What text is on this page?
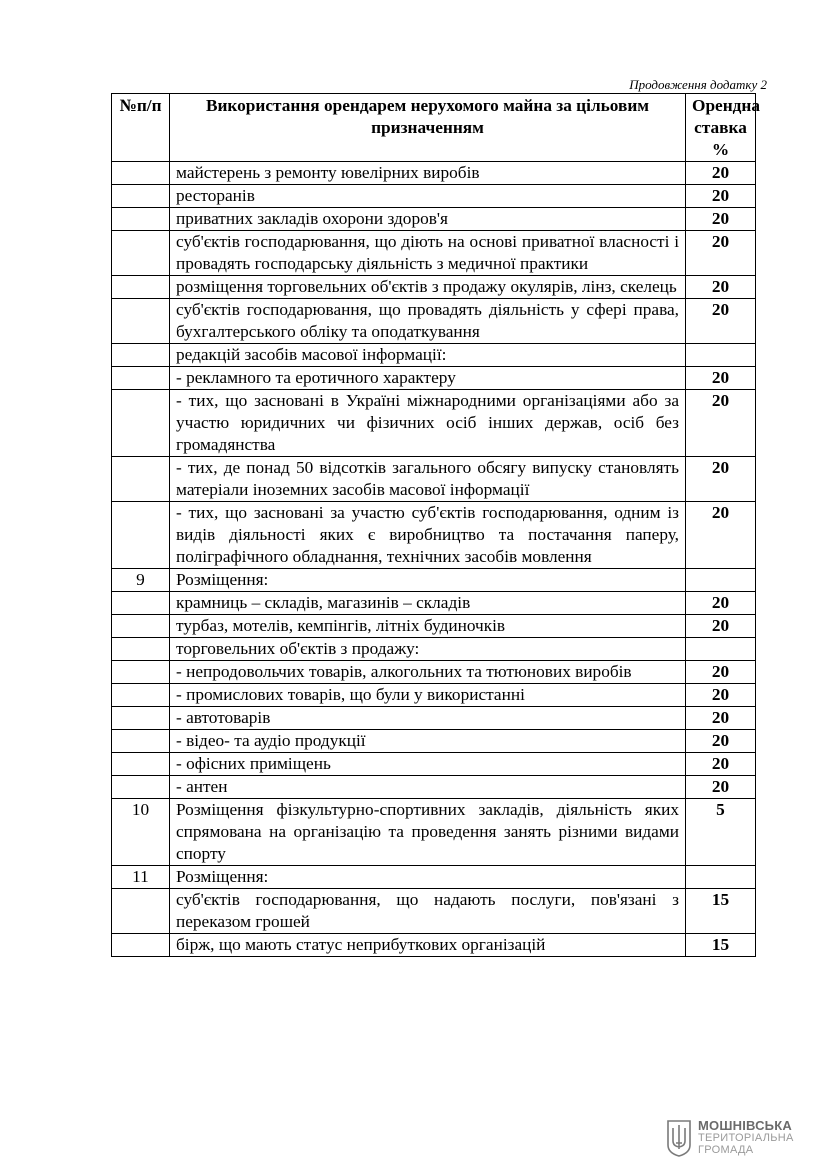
Продовження додатку 2
№п/п	Використання орендарем нерухомого майна за цільовим призначенням	Орендна ставка %
	майстерень з ремонту ювелірних виробів	20
	ресторанів	20
	приватних закладів охорони здоров'я	20
	суб'єктів господарювання, що діють на основі приватної власності і провадять господарську діяльність з медичної практики	20
	розміщення торговельних об'єктів з продажу окулярів, лінз, скелець	20
	суб'єктів господарювання, що провадять діяльність у сфері права, бухгалтерського обліку та оподаткування	20
	редакцій засобів масової інформації:	
	- рекламного та еротичного характеру	20
	- тих, що засновані в Україні міжнародними організаціями або за участю юридичних чи фізичних осіб інших держав, осіб без громадянства	20
	- тих, де понад 50 відсотків загального обсягу випуску становлять матеріали іноземних засобів масової інформації	20
	- тих, що засновані за участю суб'єктів господарювання, одним із видів діяльності яких є виробництво та постачання паперу, поліграфічного обладнання, технічних засобів мовлення	20
9	Розміщення:	
	крамниць – складів, магазинів – складів	20
	турбаз, мотелів, кемпінгів, літніх будиночків	20
	торговельних об'єктів з продажу:	
	- непродовольчих товарів, алкогольних та тютюнових виробів	20
	- промислових товарів, що були у використанні	20
	- автотоварів	20
	- відео- та аудіо продукції	20
	- офісних приміщень	20
	- антен	20
10	Розміщення фізкультурно-спортивних закладів, діяльність яких спрямована на організацію та проведення занять різними видами спорту	5
11	Розміщення:	
	суб'єктів господарювання, що надають послуги, пов'язані з переказом грошей	15
	бірж, що мають статус неприбуткових організацій	15
МОШНІВСЬКА
ТЕРИТОРІАЛЬНА
ГРОМАДА
